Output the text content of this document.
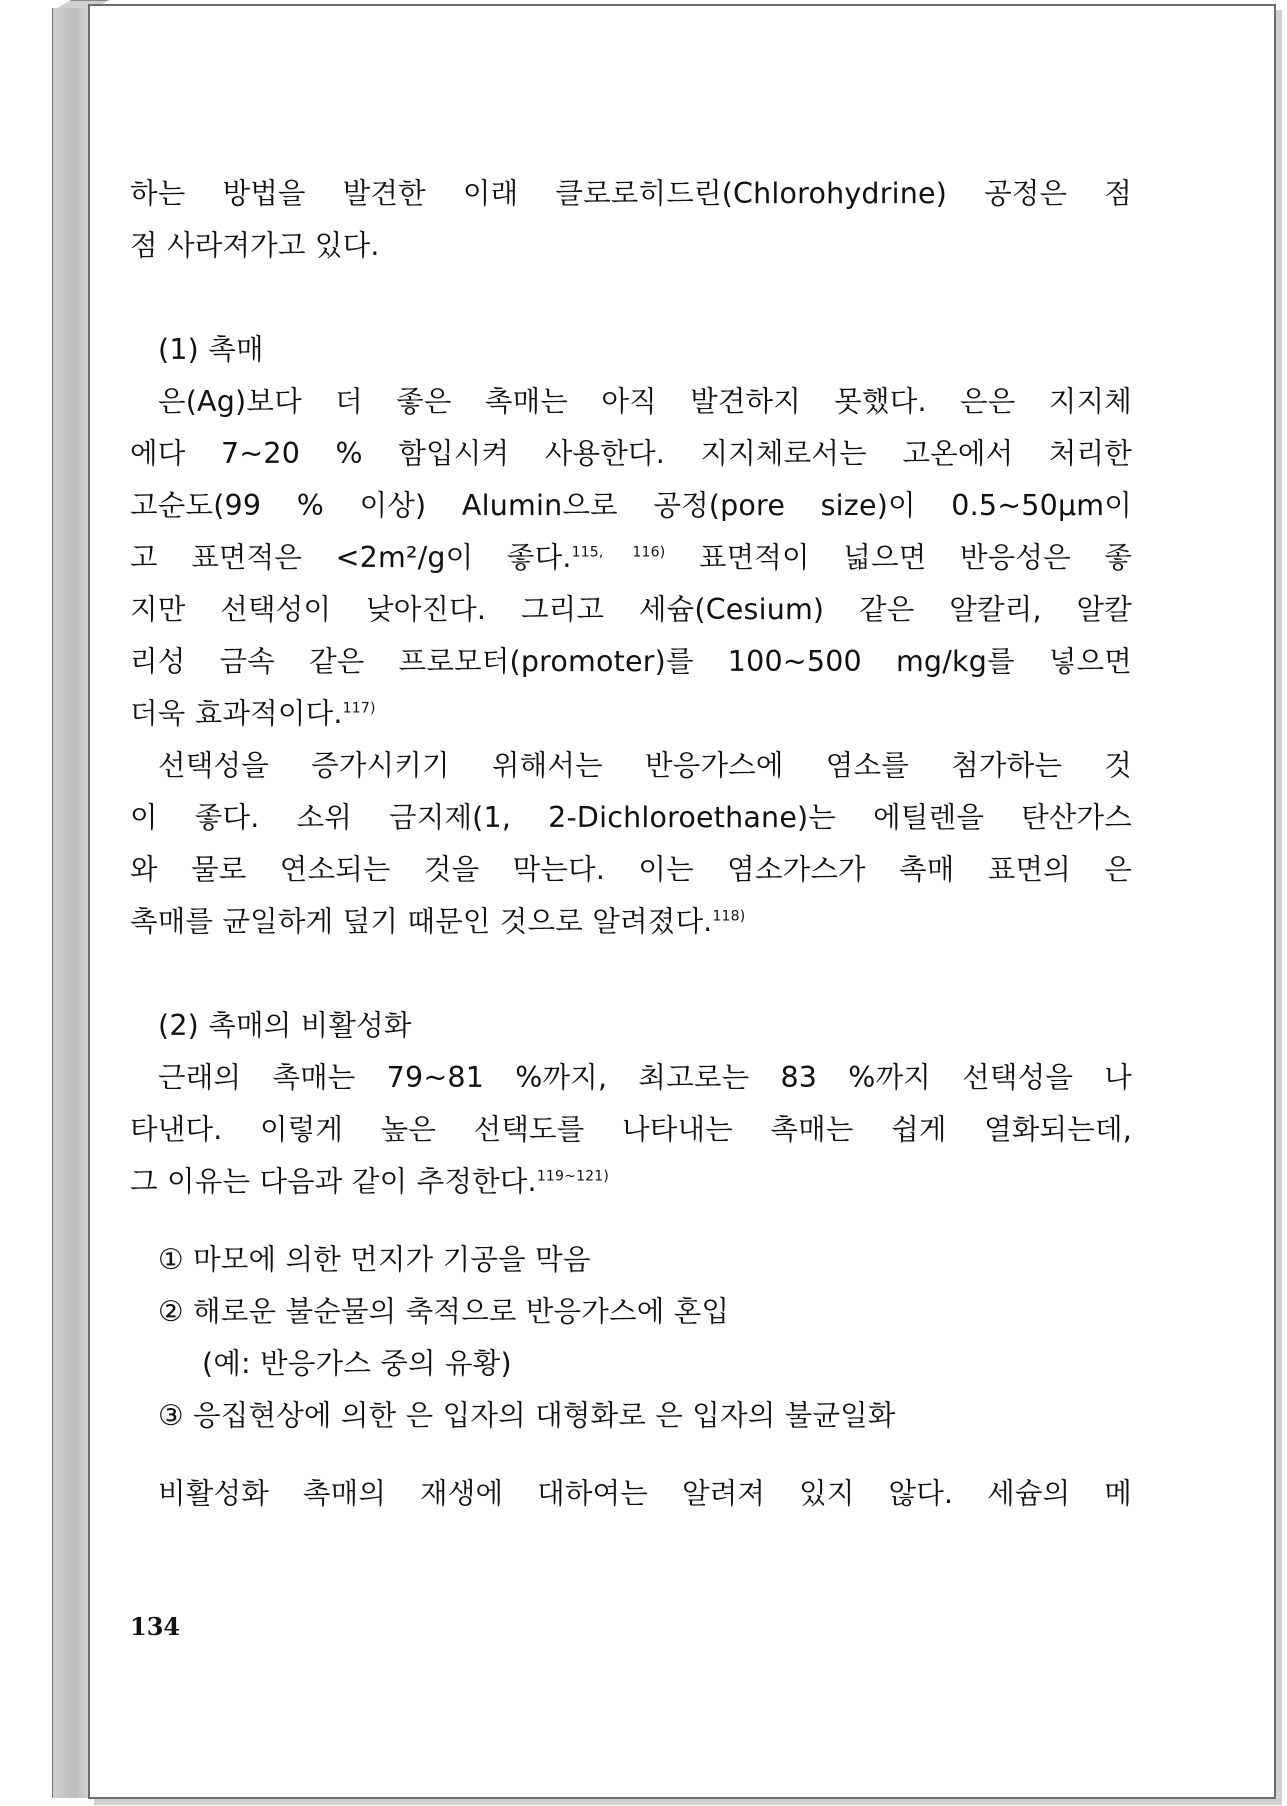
하는 방법을 발견한 이래 클로로히드린(Chlorohydrine) 공정은 점

점 사라져가고 있다.

(1) 촉매

은(Ag)보다 더 좋은 촉매는 아직 발견하지 못했다. 은은 지지체

에다 7~20 % 함입시켜 사용한다. 지지체로서는 고온에서 처리한

고순도(99 % 이상) Alumin으로 공정(pore size)이 0.5~50μm이

고 표면적은 <2m²/g이 좋다.$^{115, 116)}$ 표면적이 넓으면 반응성은 좋

지만 선택성이 낮아진다. 그리고 세슘(Cesium) 같은 알칼리, 알칼

리성 금속 같은 프로모터(promoter)를 100~500 mg/kg를 넣으면

더욱 효과적이다.$^{117)}$

선택성을 증가시키기 위해서는 반응가스에 염소를 첨가하는 것

이 좋다. 소위 금지제(1, 2-Dichloroethane)는 에틸렌을 탄산가스

와 물로 연소되는 것을 막는다. 이는 염소가스가 촉매 표면의 은

촉매를 균일하게 덮기 때문인 것으로 알려졌다.$^{118)}$

(2) 촉매의 비활성화

근래의 촉매는 79~81 %까지, 최고로는 83 %까지 선택성을 나

타낸다. 이렇게 높은 선택도를 나타내는 촉매는 쉽게 열화되는데,

그 이유는 다음과 같이 추정한다.$^{119\sim 121)}$

① 마모에 의한 먼지가 기공을 막음

② 해로운 불순물의 축적으로 반응가스에 혼입

(예: 반응가스 중의 유황)

③ 응집현상에 의한 은 입자의 대형화로 은 입자의 불균일화

비활성화 촉매의 재생에 대하여는 알려져 있지 않다. 세슘의 메

134
